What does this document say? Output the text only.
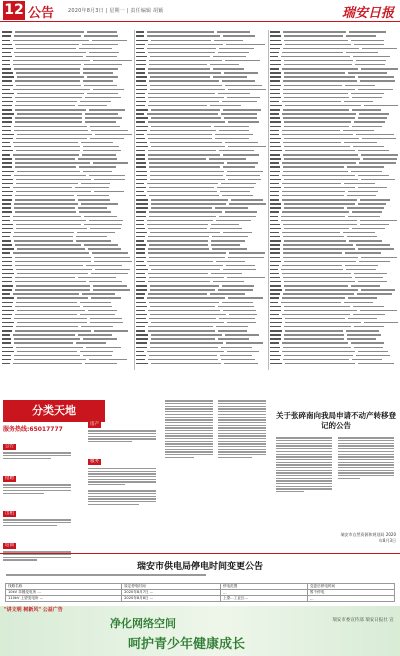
12 公告	2020年8月3日 | 星期一 | 责任编辑 胡颖	瑞安日报
分类天地
服务热线:65017777
公告
招聘
出租
培训
房产
服务
关于张碎南向我局申请不动产转移登记的公告
瑞安市自然资源和规划局 2020年8月3日
瑞安市供电局停电时间变更公告
线路名称	原定停电时间	停电范围	变更后停电时间
10kV 莘塍变电所 …	2020年8月7日 …	…	暂不停电
110kV 上望变电所 …	2020年8月8日 …	上望…工业区…	…
"讲文明 树新风" 公益广告
净化网络空间
呵护青少年健康成长
瑞安市委宣传部 瑞安日报社 宣
